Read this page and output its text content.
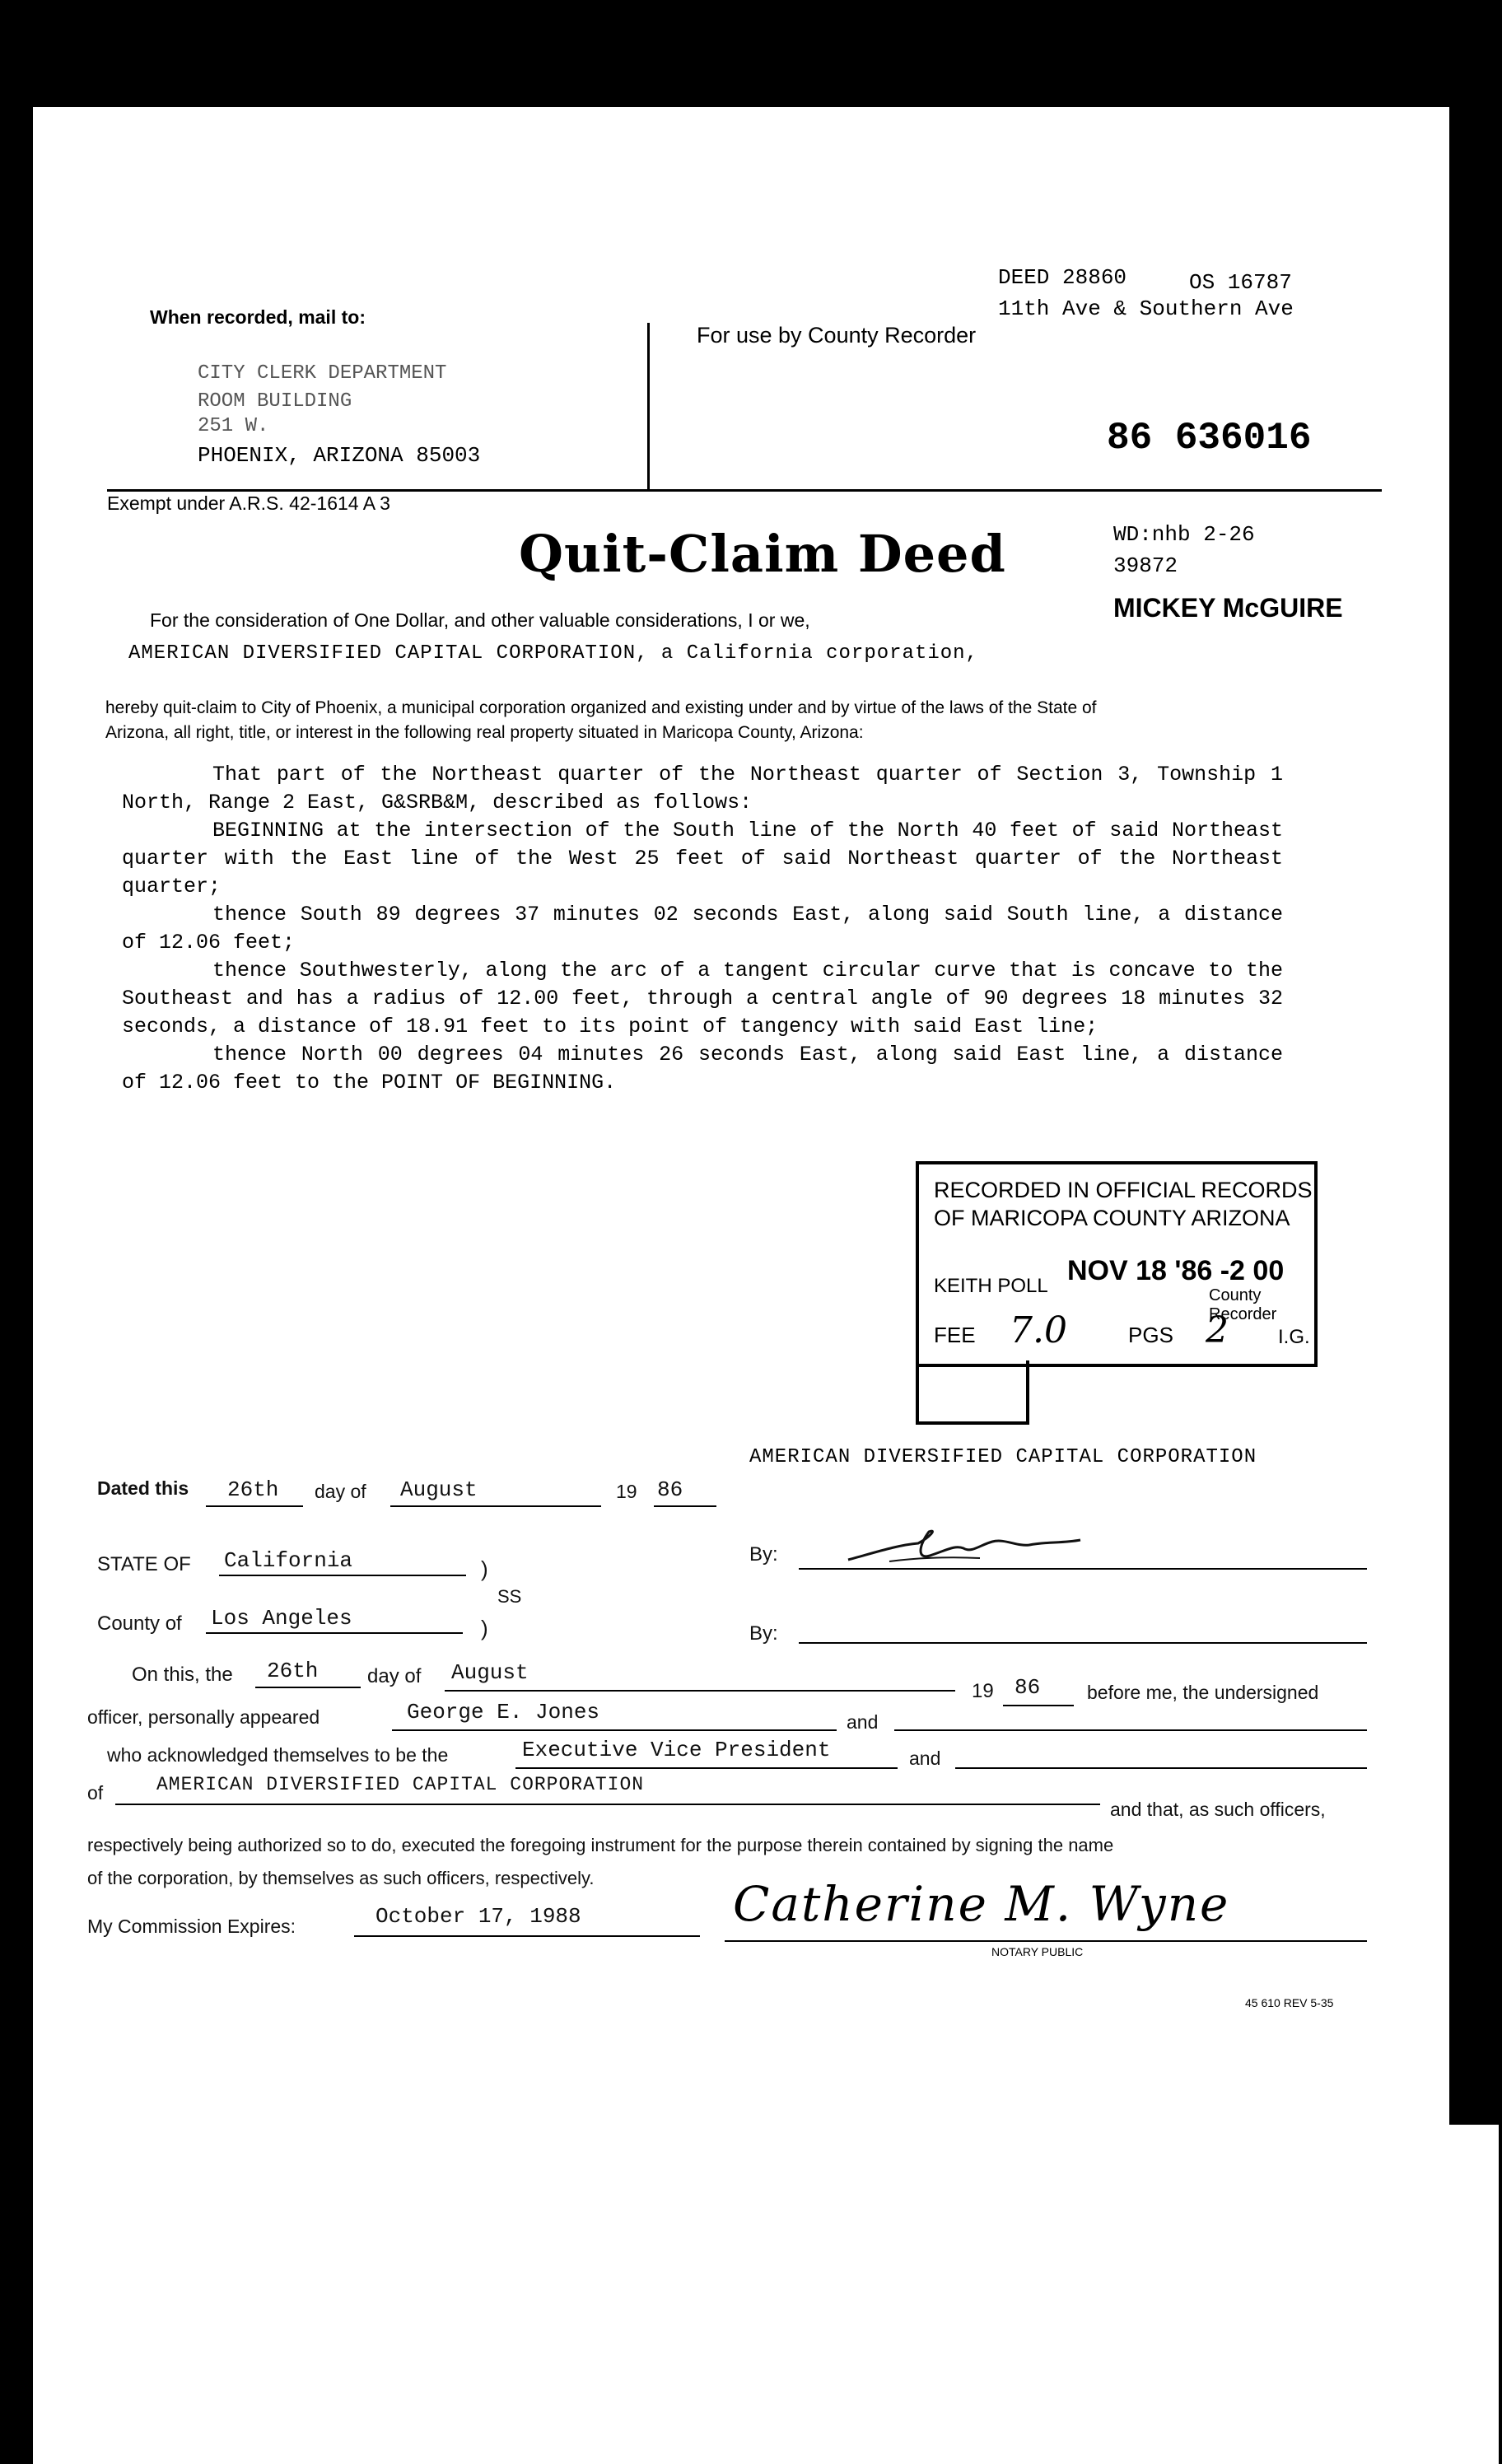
DEED 28860	OS 16787
11th Ave & Southern Ave
For use by County Recorder
86 636016
When recorded, mail to:
CITY CLERK DEPARTMENT
ROOM BUILDING
251 W.
PHOENIX, ARIZONA 85003
Exempt under A.R.S. 42-1614 A 3
Quit-Claim Deed	WD:nhb 2-26
39872
MICKEY McGUIRE
For the consideration of One Dollar, and other valuable considerations, I or we,
AMERICAN DIVERSIFIED CAPITAL CORPORATION, a California corporation,
hereby quit-claim to City of Phoenix, a municipal corporation organized and existing under and by virtue of the laws of the State of
Arizona, all right, title, or interest in the following real property situated in Maricopa County, Arizona:

That part of the Northeast quarter of the Northeast quarter of Section 3, Township 1 North, Range 2 East, G&SRB&M, described as follows:

BEGINNING at the intersection of the South line of the North 40 feet of said Northeast quarter with the East line of the West 25 feet of said Northeast quarter of the Northeast quarter;

thence South 89 degrees 37 minutes 02 seconds East, along said South line, a distance of 12.06 feet;

thence Southwesterly, along the arc of a tangent circular curve that is concave to the Southeast and has a radius of 12.00 feet, through a central angle of 90 degrees 18 minutes 32 seconds, a distance of 18.91 feet to its point of tangency with said East line;

thence North 00 degrees 04 minutes 26 seconds East, along said East line, a distance of 12.06 feet to the POINT OF BEGINNING.

RECORDED IN OFFICIAL RECORDS
OF MARICOPA COUNTY ARIZONA
KEITH POLL NOV 18 '86 -2 00
County Recorder
FEE 7.0	PGS 2	I.G.
AMERICAN DIVERSIFIED CAPITAL CORPORATION
Dated this 26th day of August	19 86
STATE OF California	)
SS
)
County of Los Angeles
By:
By:
On this, the 26th day of August
19 86 before me, the undersigned
officer, personally appeared	George E. Jones	and
who acknowledged themselves to be the	Executive Vice President	and
of	AMERICAN DIVERSIFIED CAPITAL CORPORATION
and that, as such officers,
respectively being authorized so to do, executed the foregoing instrument for the purpose therein contained by signing the name
of the corporation, by themselves as such officers, respectively.
My Commission Expires:	October 17, 1988	Catherine M. Wyne
NOTARY PUBLIC
45 610 REV 5-35
